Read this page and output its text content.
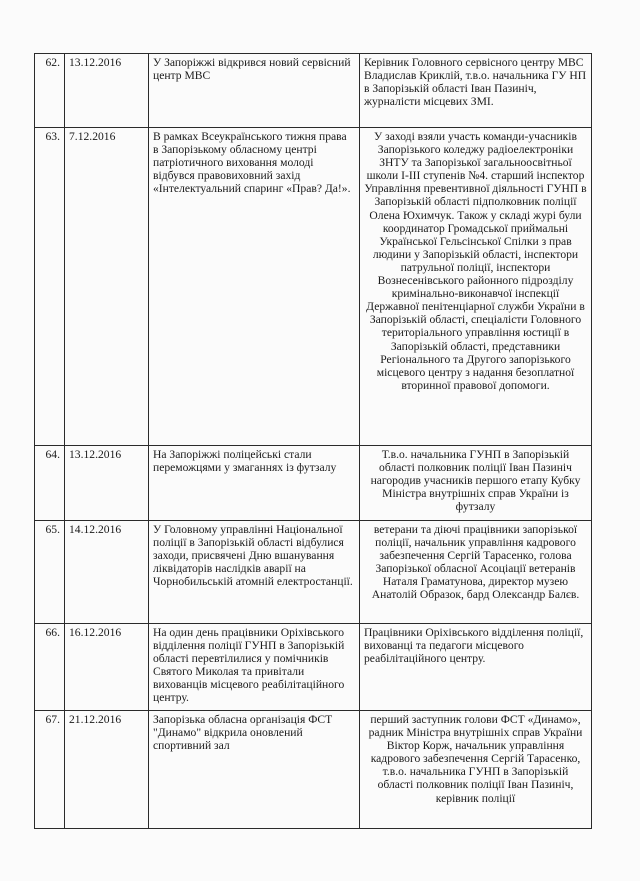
62.	13.12.2016	У Запоріжжі відкрився новий сервісний центр МВС	Керівник Головного сервісного центру МВС Владислав Криклій, т.в.о. начальника ГУ НП в Запорізькій області Іван Пазиніч, журналісти місцевих ЗМІ.
63.	7.12.2016	В рамках Всеукраїнського тижня права в Запорізькому обласному центрі патріотичного виховання молоді відбувся правовиховний захід «Інтелектуальний спаринг «Прав? Да!».	У заході взяли участь команди-учасників Запорізького коледжу радіоелектроніки ЗНТУ та Запорізької загальноосвітньої школи І-ІІІ ступенів №4. старший інспектор Управління превентивної діяльності ГУНП в Запорізькій області підполковник поліції Олена Юхимчук. Також у складі журі були координатор Громадської приймальні Української Гельсінської Спілки з прав людини у Запорізькій області, інспектори патрульної поліції, інспектори Вознесенівського районного підрозділу кримінально-виконавчої інспекції Державної пенітенціарної служби України в Запорізькій області, спеціалісти Головного територіального управління юстиції в Запорізькій області, представники Регіонального та Другого запорізького місцевого центру з надання безоплатної вторинної правової допомоги.
64.	13.12.2016	На Запоріжжі поліцейські стали переможцями у змаганнях із футзалу	Т.в.о. начальника ГУНП в Запорізькій області полковник поліції Іван Пазиніч нагородив учасників першого етапу Кубку Міністра внутрішніх справ України із футзалу
65.	14.12.2016	У Головному управлінні Національної поліції в Запорізькій області відбулися заходи, присвячені Дню вшанування ліквідаторів наслідків аварії на Чорнобильській атомній електростанції.	ветерани та діючі працівники запорізької поліції, начальник управління кадрового забезпечення Сергій Тарасенко, голова Запорізької обласної Асоціації ветеранів Наталя Граматунова, директор музею Анатолій Образок, бард Олександр Балєв.
66.	16.12.2016	На один день працівники Оріхівського відділення поліції ГУНП в Запорізькій області перевтілилися у помічників Святого Миколая та привітали вихованців місцевого реабілітаційного центру.	Працівники Оріхівського відділення поліції, вихованці та педагоги місцевого реабілітаційного центру.
67.	21.12.2016	Запорізька обласна організація ФСТ "Динамо" відкрила оновлений спортивний зал	перший заступник голови ФСТ «Динамо», радник Міністра внутрішніх справ України Віктор Корж, начальник управління кадрового забезпечення Сергій Тарасенко, т.в.о. начальника ГУНП в Запорізькій області полковник поліції Іван Пазиніч, керівник поліції
